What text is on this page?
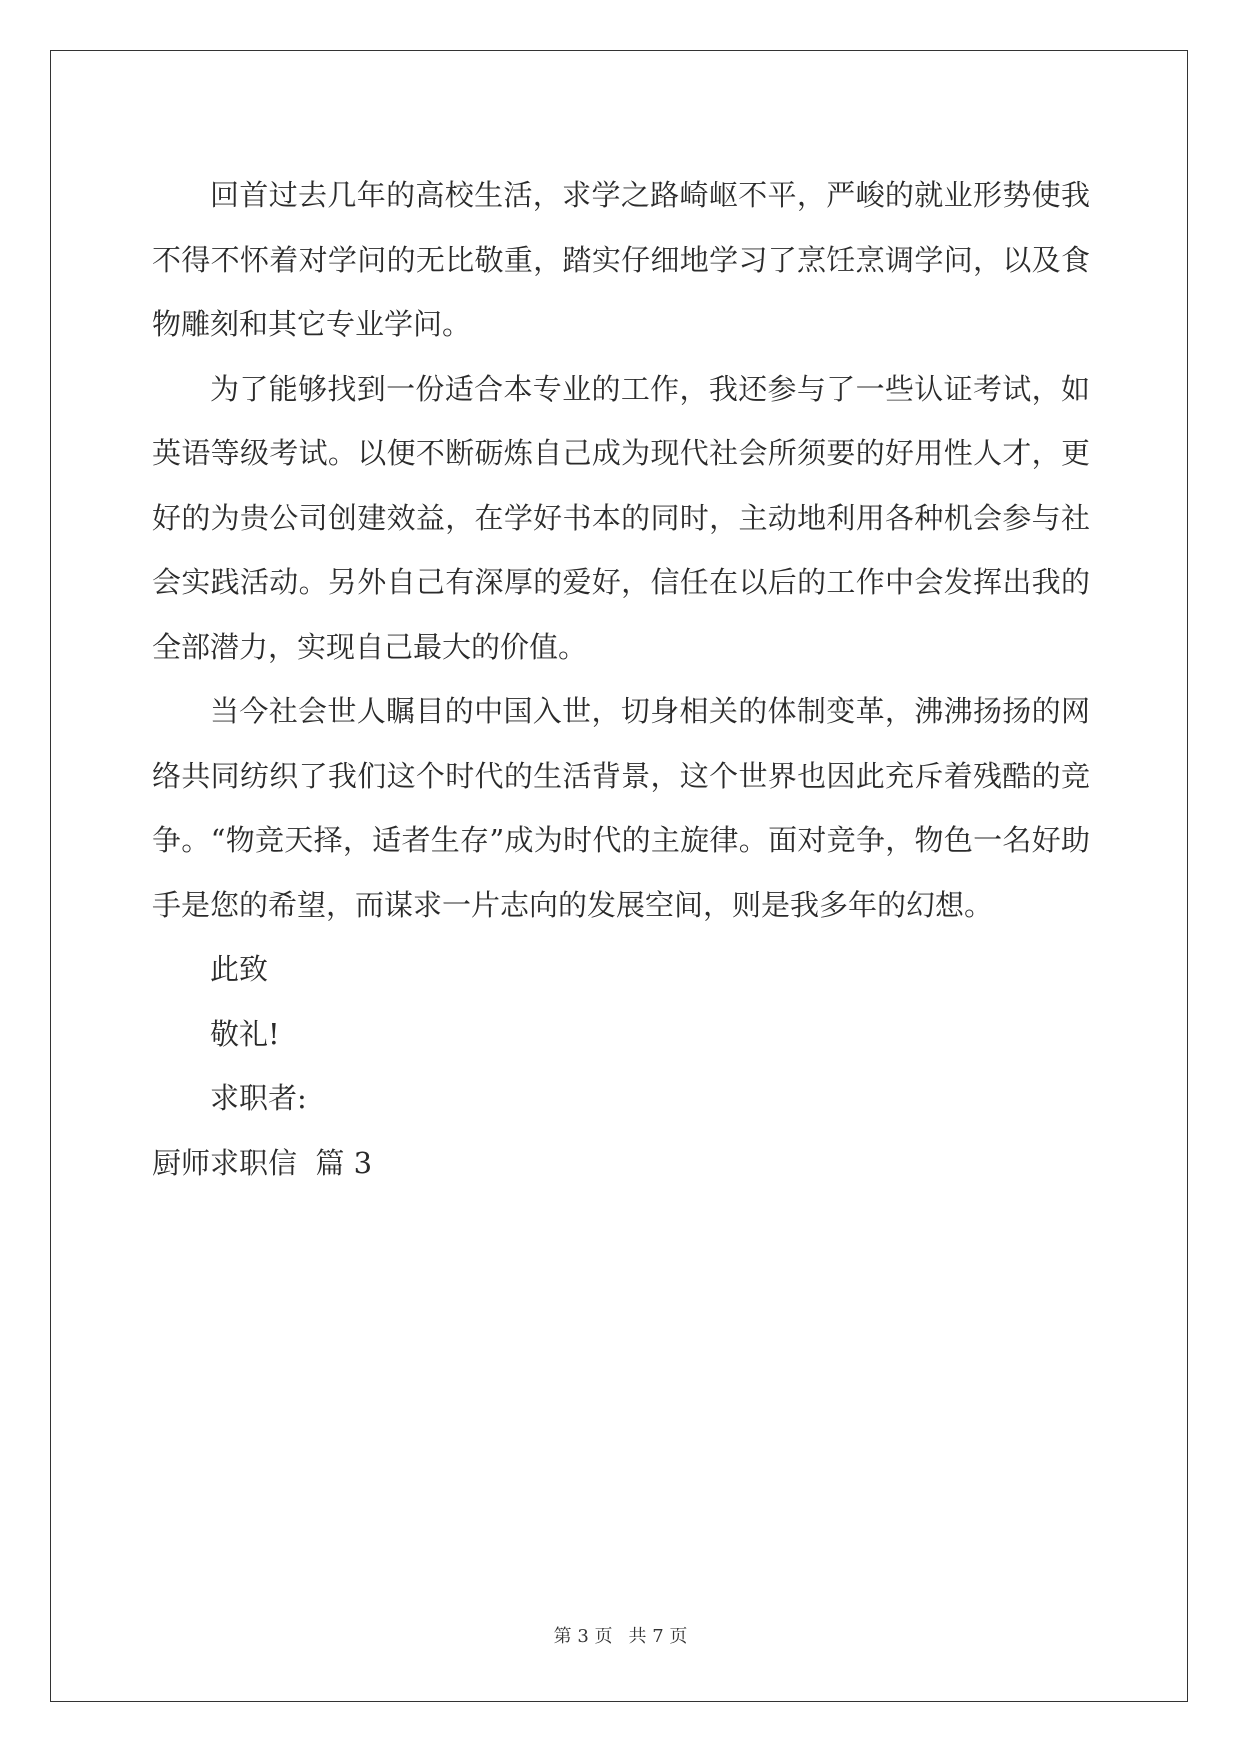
回首过去几年的高校生活，求学之路崎岖不平，严峻的就业形势使我不得不怀着对学问的无比敬重，踏实仔细地学习了烹饪烹调学问，以及食物雕刻和其它专业学问。

为了能够找到一份适合本专业的工作，我还参与了一些认证考试，如英语等级考试。以便不断砺炼自己成为现代社会所须要的好用性人才，更好的为贵公司创建效益，在学好书本的同时，主动地利用各种机会参与社会实践活动。另外自己有深厚的爱好，信任在以后的工作中会发挥出我的全部潜力，实现自己最大的价值。

当今社会世人瞩目的中国入世，切身相关的体制变革，沸沸扬扬的网络共同纺织了我们这个时代的生活背景，这个世界也因此充斥着残酷的竞争。“物竞天择，适者生存”成为时代的主旋律。面对竞争，物色一名好助手是您的希望，而谋求一片志向的发展空间，则是我多年的幻想。

此致

敬礼!

求职者:

厨师求职信  篇 3

第 3 页 共 7 页
